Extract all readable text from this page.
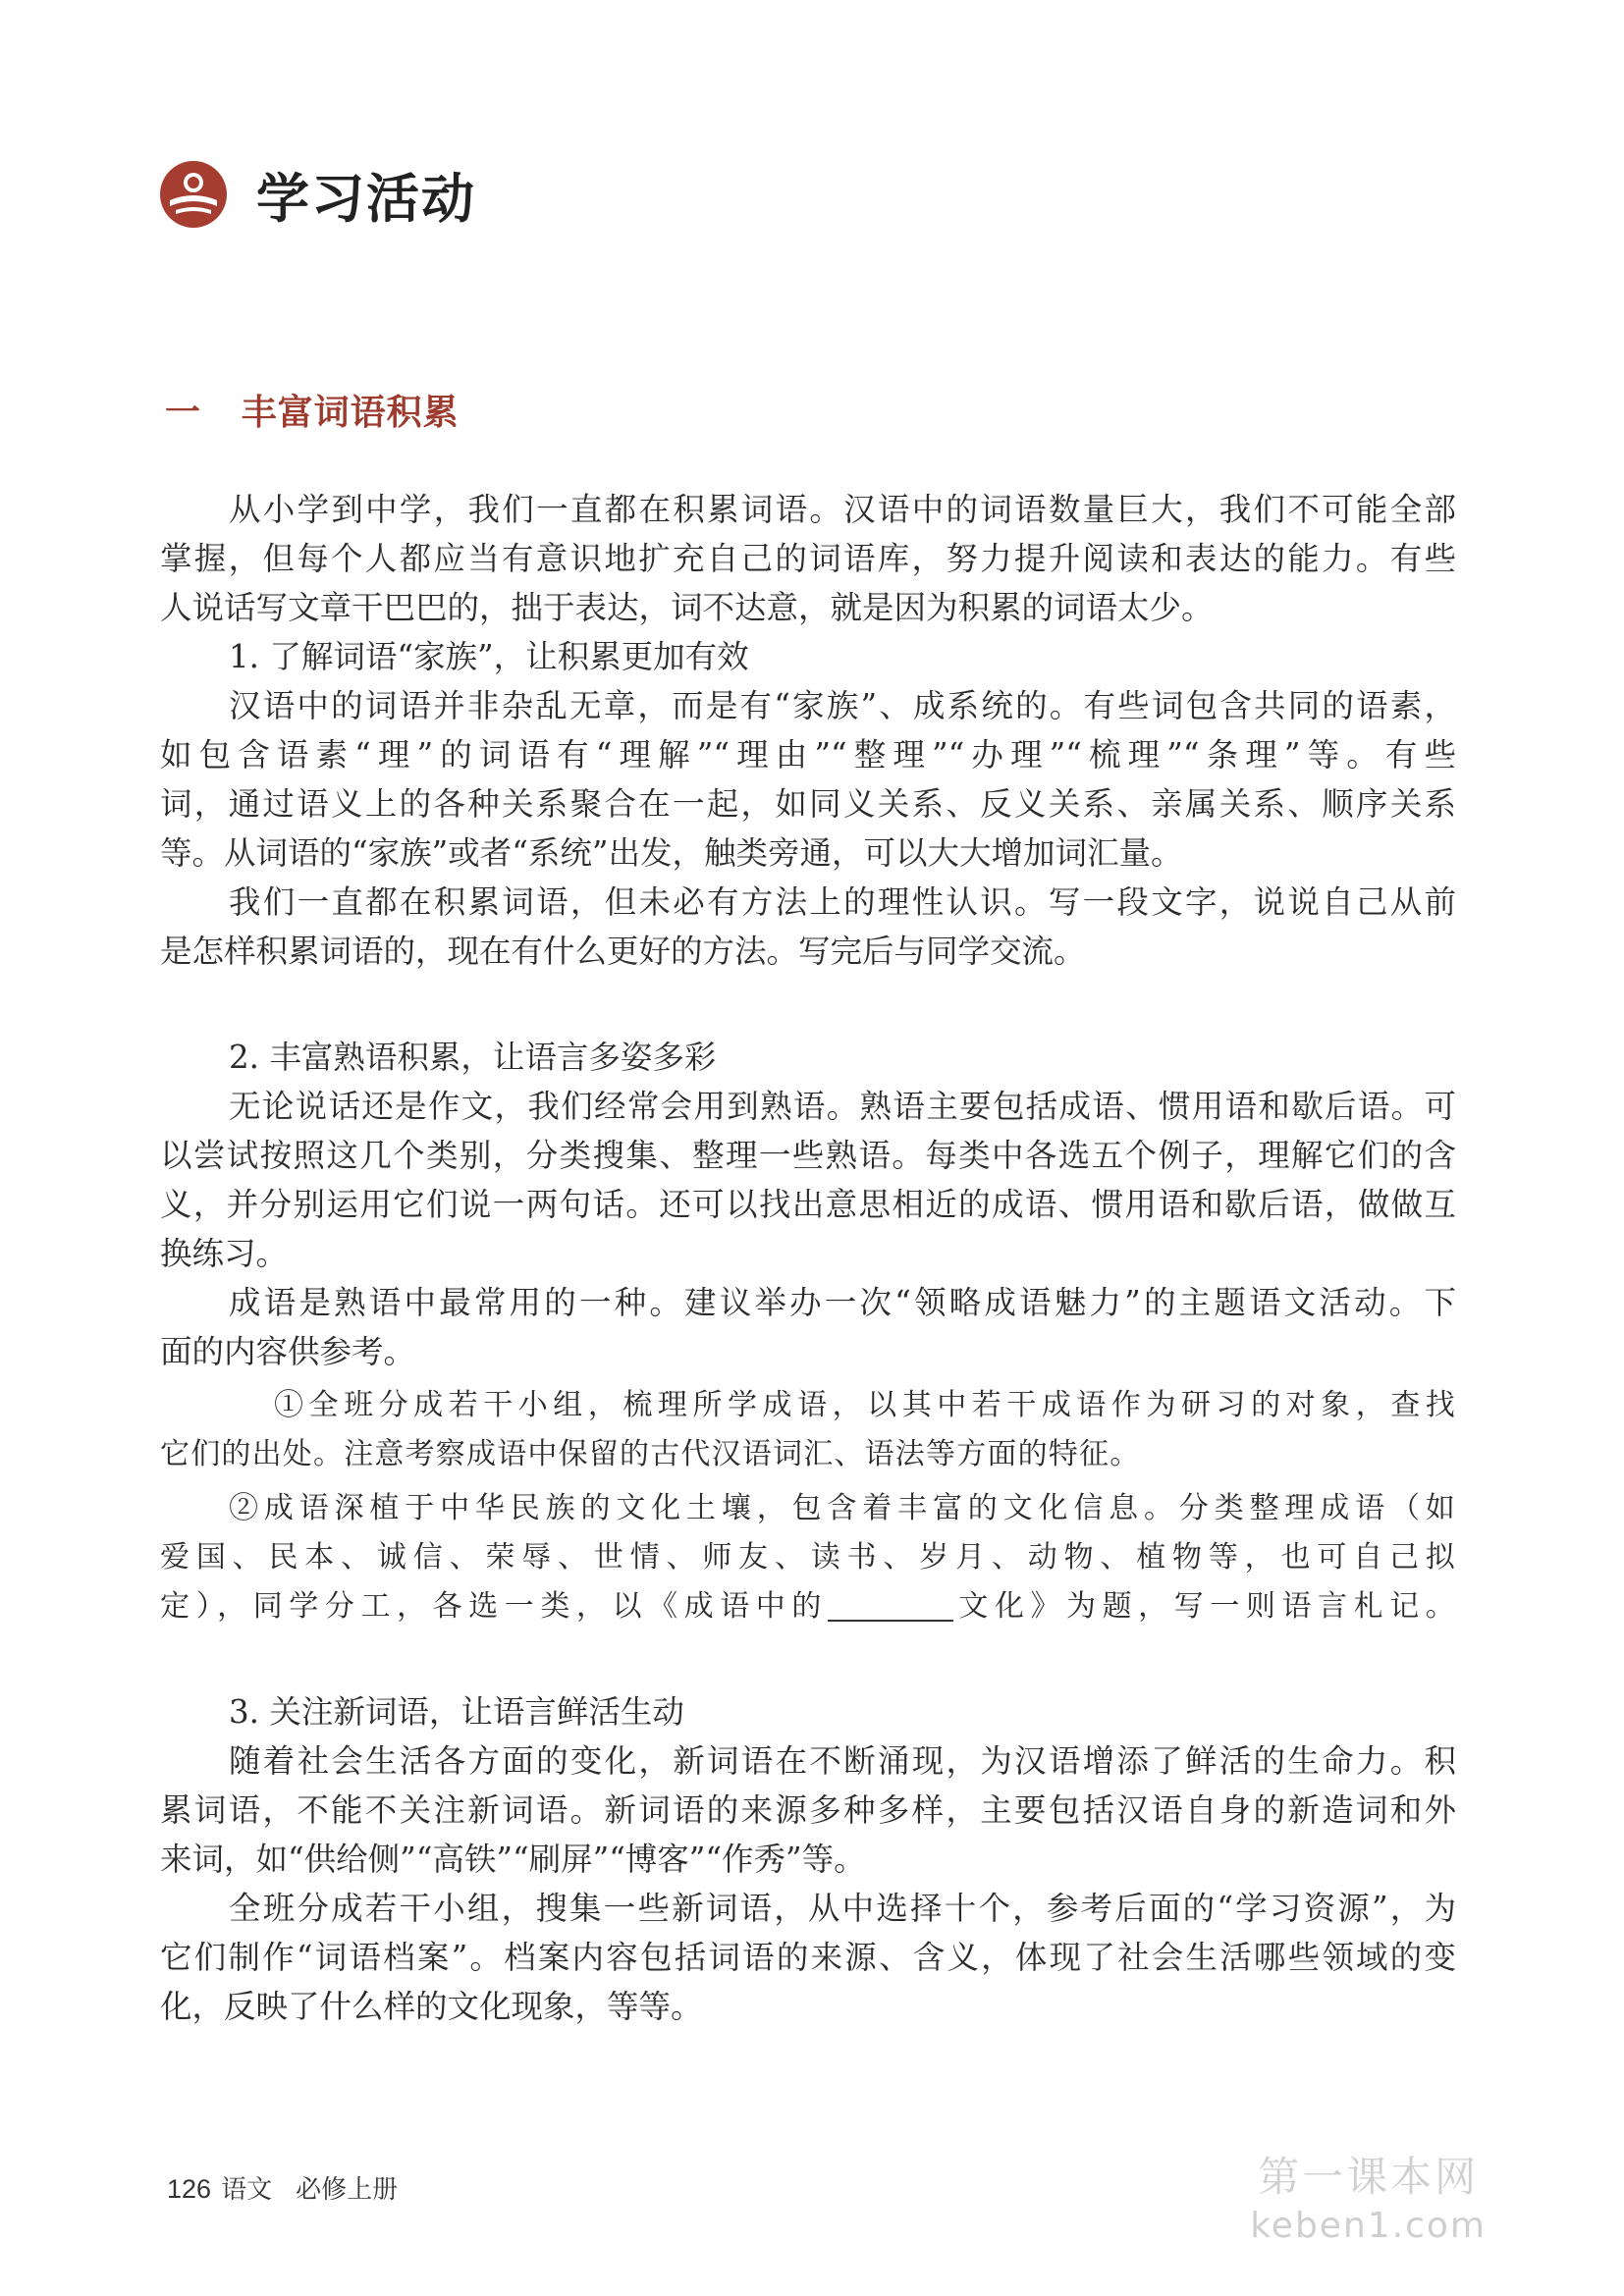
学习活动
一 丰富词语积累

从小学到中学，我们一直都在积累词语。汉语中的词语数量巨大，我们不可能全部
掌握，但每个人都应当有意识地扩充自己的词语库，努力提升阅读和表达的能力。有些
人说话写文章干巴巴的，拙于表达，词不达意，就是因为积累的词语太少。

1. 了解词语“家族”，让积累更加有效

汉语中的词语并非杂乱无章，而是有“家族”、成系统的。有些词包含共同的语素，
如包含语素“理”的词语有“理解”“理由”“整理”“办理”“梳理”“条理”等。有些
词，通过语义上的各种关系聚合在一起，如同义关系、反义关系、亲属关系、顺序关系
等。从词语的“家族”或者“系统”出发，触类旁通，可以大大增加词汇量。

我们一直都在积累词语，但未必有方法上的理性认识。写一段文字，说说自己从前
是怎样积累词语的，现在有什么更好的方法。写完后与同学交流。

2. 丰富熟语积累，让语言多姿多彩

无论说话还是作文，我们经常会用到熟语。熟语主要包括成语、惯用语和歇后语。可
以尝试按照这几个类别，分类搜集、整理一些熟语。每类中各选五个例子，理解它们的含
义，并分别运用它们说一两句话。还可以找出意思相近的成语、惯用语和歇后语，做做互
换练习。

成语是熟语中最常用的一种。建议举办一次“领略成语魅力”的主题语文活动。下
面的内容供参考。

①全班分成若干小组，梳理所学成语，以其中若干成语作为研习的对象，查找
它们的出处。注意考察成语中保留的古代汉语词汇、语法等方面的特征。
②成语深植于中华民族的文化土壤，包含着丰富的文化信息。分类整理成语（如
爱国、民本、诚信、荣辱、世情、师友、读书、岁月、动物、植物等，也可自己拟
定），同学分工，各选一类，以《成语中的	文化》为题，写一则语言札记。

3. 关注新词语，让语言鲜活生动

随着社会生活各方面的变化，新词语在不断涌现，为汉语增添了鲜活的生命力。积
累词语，不能不关注新词语。新词语的来源多种多样，主要包括汉语自身的新造词和外
来词，如“供给侧”“高铁”“刷屏”“博客”“作秀”等。

全班分成若干小组，搜集一些新词语，从中选择十个，参考后面的“学习资源”，为
它们制作“词语档案”。档案内容包括词语的来源、含义，体现了社会生活哪些领域的变
化，反映了什么样的文化现象，等等。

126 语文 必修上册	第一课本网
keben1.com
